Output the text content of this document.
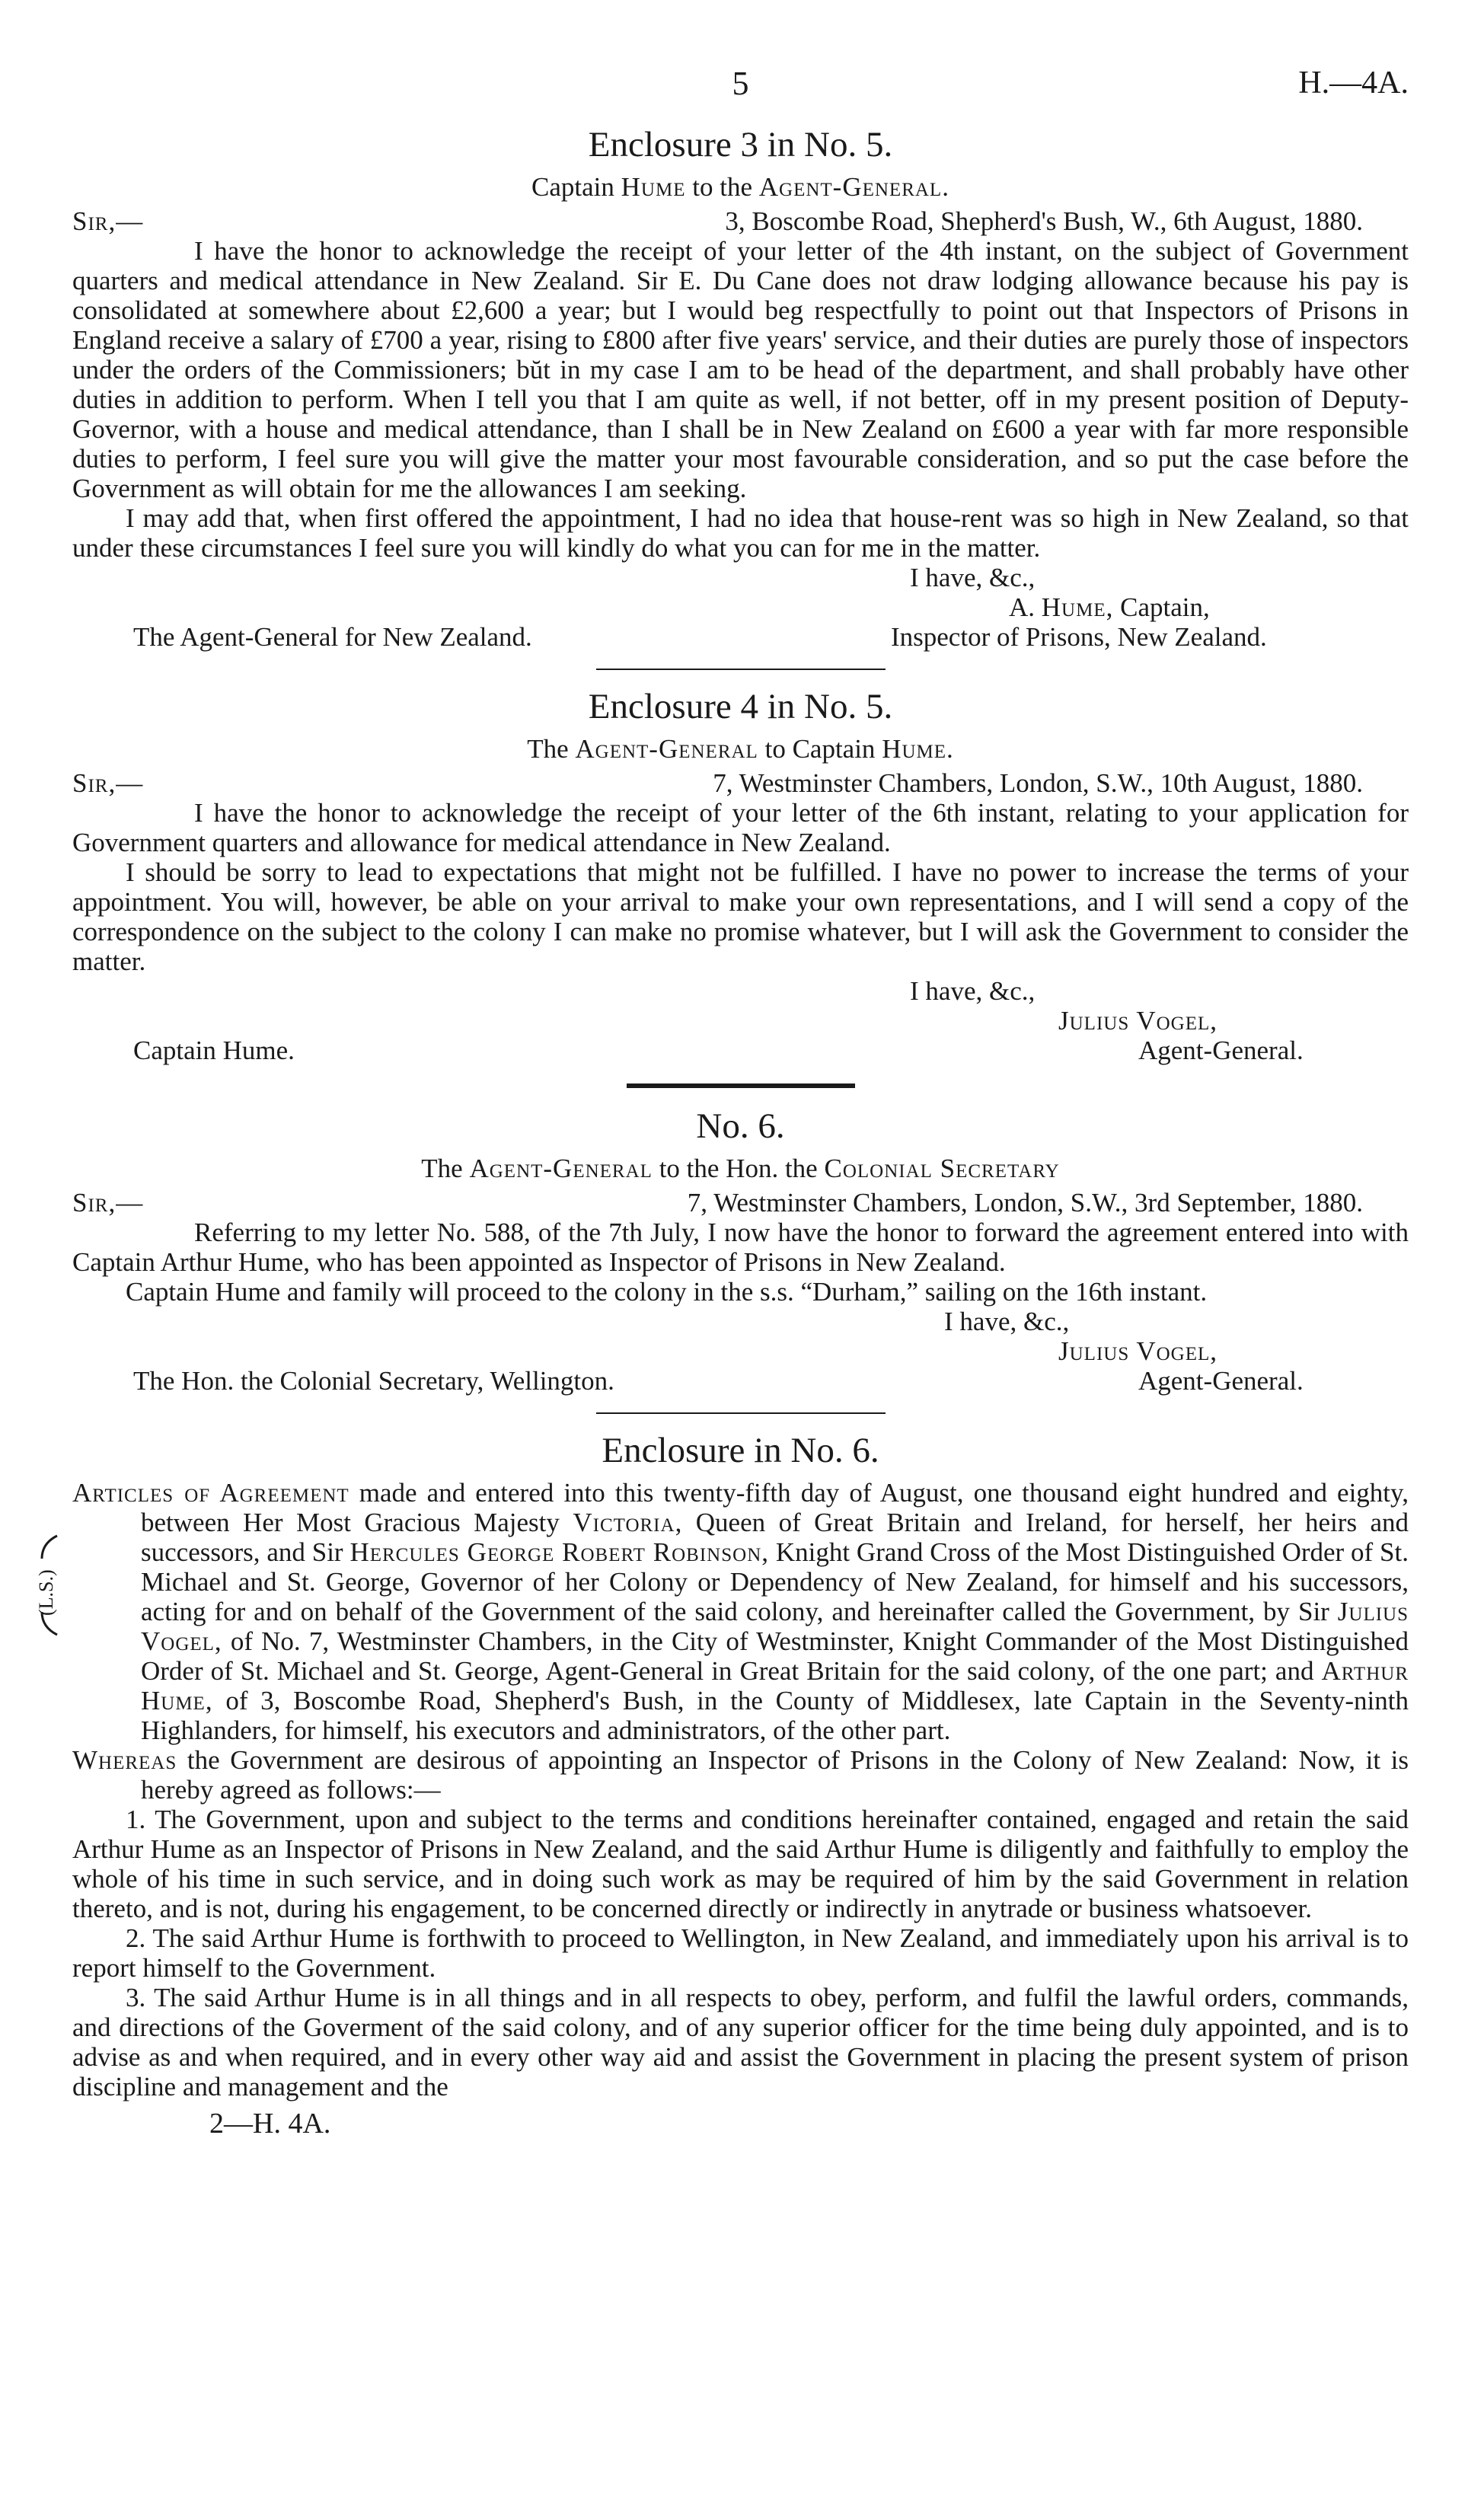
5	H.—4A.
Enclosure 3 in No. 5.
Captain Hume to the Agent-General.
Sir,—	3, Boscombe Road, Shepherd's Bush, W., 6th August, 1880.

I have the honor to acknowledge the receipt of your letter of the 4th instant, on the subject of Government quarters and medical attendance in New Zealand. Sir E. Du Cane does not draw lodging allowance because his pay is consolidated at somewhere about £2,600 a year; but I would beg respectfully to point out that Inspectors of Prisons in England receive a salary of £700 a year, rising to £800 after five years' service, and their duties are purely those of inspectors under the orders of the Commissioners; bŭt in my case I am to be head of the department, and shall probably have other duties in addition to perform. When I tell you that I am quite as well, if not better, off in my present position of Deputy-Governor, with a house and medical attendance, than I shall be in New Zealand on £600 a year with far more responsible duties to perform, I feel sure you will give the matter your most favourable consideration, and so put the case before the Government as will obtain for me the allowances I am seeking.

I may add that, when first offered the appointment, I had no idea that house-rent was so high in New Zealand, so that under these circumstances I feel sure you will kindly do what you can for me in the matter.

I have, &c.,
A. Hume, Captain,
The Agent-General for New Zealand.	Inspector of Prisons, New Zealand.
Enclosure 4 in No. 5.
The Agent-General to Captain Hume.
Sir,—	7, Westminster Chambers, London, S.W., 10th August, 1880.

I have the honor to acknowledge the receipt of your letter of the 6th instant, relating to your application for Government quarters and allowance for medical attendance in New Zealand.

I should be sorry to lead to expectations that might not be fulfilled. I have no power to increase the terms of your appointment. You will, however, be able on your arrival to make your own representations, and I will send a copy of the correspondence on the subject to the colony I can make no promise whatever, but I will ask the Government to consider the matter.

I have, &c.,
Julius Vogel,
Captain Hume.	Agent-General.
No. 6.
The Agent-General to the Hon. the Colonial Secretary
Sir,—	7, Westminster Chambers, London, S.W., 3rd September, 1880.

Referring to my letter No. 588, of the 7th July, I now have the honor to forward the agreement entered into with Captain Arthur Hume, who has been appointed as Inspector of Prisons in New Zealand.

Captain Hume and family will proceed to the colony in the s.s. “Durham,” sailing on the 16th instant.

I have, &c.,
Julius Vogel,
The Hon. the Colonial Secretary, Wellington.	Agent-General.
Enclosure in No. 6.

Articles of Agreement made and entered into this twenty-fifth day of August, one thousand eight hundred and eighty, between Her Most Gracious Majesty Victoria, Queen of Great Britain and Ireland, for herself, her heirs and successors, and Sir Hercules George Robert Robinson, Knight Grand Cross of the Most Distinguished Order of St. Michael and St. George, Governor of her Colony or Dependency of New Zealand, for himself and his successors, acting for and on behalf of the Government of the said colony, and hereinafter called the Government, by Sir Julius Vogel, of No. 7, Westminster Chambers, in the City of Westminster, Knight Commander of the Most Distinguished Order of St. Michael and St. George, Agent-General in Great Britain for the said colony, of the one part; and Arthur Hume, of 3, Boscombe Road, Shepherd's Bush, in the County of Middlesex, late Captain in the Seventy-ninth Highlanders, for himself, his executors and administrators, of the other part.

Whereas the Government are desirous of appointing an Inspector of Prisons in the Colony of New Zealand: Now, it is hereby agreed as follows:—

1. The Government, upon and subject to the terms and conditions hereinafter contained, engaged and retain the said Arthur Hume as an Inspector of Prisons in New Zealand, and the said Arthur Hume is diligently and faithfully to employ the whole of his time in such service, and in doing such work as may be required of him by the said Government in relation thereto, and is not, during his engagement, to be concerned directly or indirectly in anytrade or business whatsoever.

2. The said Arthur Hume is forthwith to proceed to Wellington, in New Zealand, and immediately upon his arrival is to report himself to the Government.

3. The said Arthur Hume is in all things and in all respects to obey, perform, and fulfil the lawful orders, commands, and directions of the Goverment of the said colony, and of any superior officer for the time being duly appointed, and is to advise as and when required, and in every other way aid and assist the Government in placing the present system of prison discipline and management and the

(L.S.)
2—H. 4A.
